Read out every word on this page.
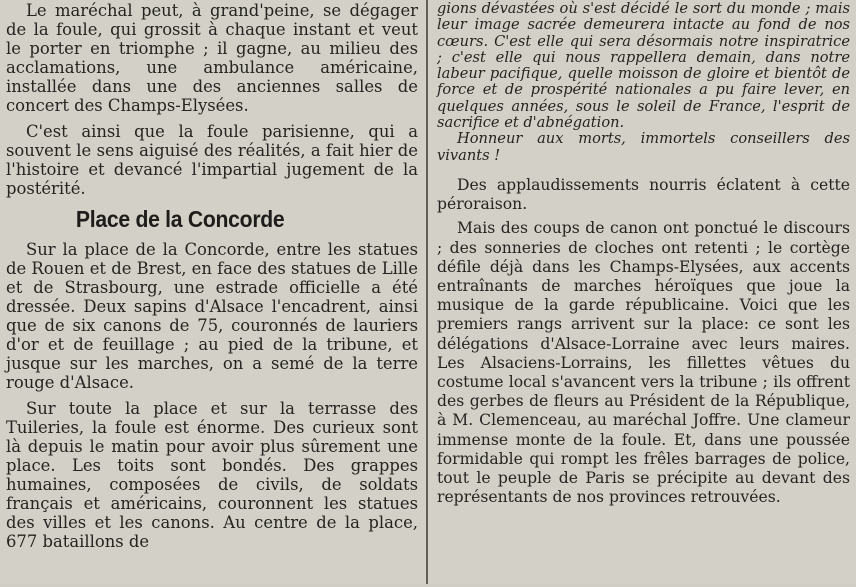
Le maréchal peut, à grand'peine, se dégager de la foule, qui grossit à chaque instant et veut le porter en triomphe ; il gagne, au milieu des acclamations, une ambulance américaine, installée dans une des anciennes salles de concert des Champs-Elysées.

C'est ainsi que la foule parisienne, qui a souvent le sens aiguisé des réalités, a fait hier de l'histoire et devancé l'impartial jugement de la postérité.

Place de la Concorde

Sur la place de la Concorde, entre les statues de Rouen et de Brest, en face des statues de Lille et de Strasbourg, une estrade officielle a été dressée. Deux sapins d'Alsace l'encadrent, ainsi que de six canons de 75, couronnés de lauriers d'or et de feuillage ; au pied de la tribune, et jusque sur les marches, on a semé de la terre rouge d'Alsace.

Sur toute la place et sur la terrasse des Tuileries, la foule est énorme. Des curieux sont là depuis le matin pour avoir plus sûrement une place. Les toits sont bondés. Des grappes humaines, composées de civils, de soldats français et américains, couronnent les statues des villes et les canons. Au centre de la place, 677 bataillons de

gions dévastées où s'est décidé le sort du monde ; mais leur image sacrée demeurera intacte au fond de nos cœurs. C'est elle qui sera désormais notre inspiratrice ; c'est elle qui nous rappellera demain, dans notre labeur pacifique, quelle moisson de gloire et bientôt de force et de prospérité nationales a pu faire lever, en quelques années, sous le soleil de France, l'esprit de sacrifice et d'abnégation.

Honneur aux morts, immortels conseillers des vivants !

Des applaudissements nourris éclatent à cette péroraison.

Mais des coups de canon ont ponctué le discours ; des sonneries de cloches ont retenti ; le cortège défile déjà dans les Champs-Elysées, aux accents entraînants de marches héroïques que joue la musique de la garde républicaine. Voici que les premiers rangs arrivent sur la place: ce sont les délégations d'Alsace-Lorraine avec leurs maires. Les Alsaciens-Lorrains, les fillettes vêtues du costume local s'avancent vers la tribune ; ils offrent des gerbes de fleurs au Président de la République, à M. Clemenceau, au maréchal Joffre. Une clameur immense monte de la foule. Et, dans une poussée formidable qui rompt les frêles barrages de police, tout le peuple de Paris se précipite au devant des représentants de nos provinces retrouvées.
